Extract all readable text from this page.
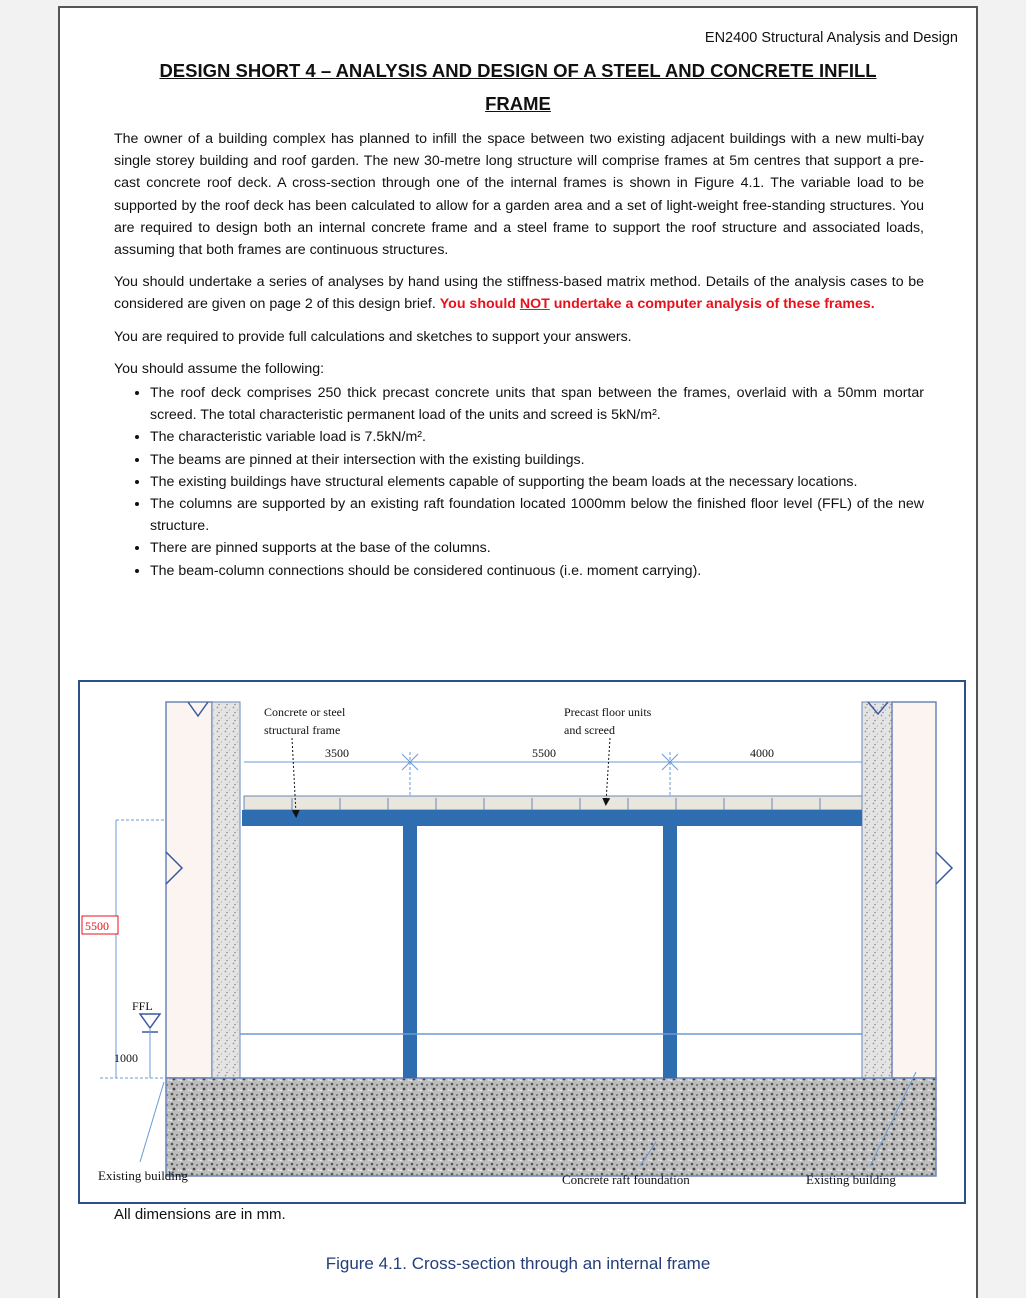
EN2400 Structural Analysis and Design
DESIGN SHORT 4 – ANALYSIS AND DESIGN OF A STEEL AND CONCRETE INFILL
FRAME

The owner of a building complex has planned to infill the space between two existing adjacent buildings with a new multi-bay single storey building and roof garden. The new 30-metre long structure will comprise frames at 5m centres that support a pre-cast concrete roof deck. A cross-section through one of the internal frames is shown in Figure 4.1. The variable load to be supported by the roof deck has been calculated to allow for a garden area and a set of light-weight free-standing structures. You are required to design both an internal concrete frame and a steel frame to support the roof structure and associated loads, assuming that both frames are continuous structures.

You should undertake a series of analyses by hand using the stiffness-based matrix method. Details of the analysis cases to be considered are given on page 2 of this design brief. You should NOT undertake a computer analysis of these frames.

You are required to provide full calculations and sketches to support your answers.

You should assume the following:

• The roof deck comprises 250 thick precast concrete units that span between the frames, overlaid with a 50mm mortar screed. The total characteristic permanent load of the units and screed is 5kN/m².
• The characteristic variable load is 7.5kN/m².
• The beams are pinned at their intersection with the existing buildings.
• The existing buildings have structural elements capable of supporting the beam loads at the necessary locations.
• The columns are supported by an existing raft foundation located 1000mm below the finished floor level (FFL) of the new structure.
• There are pinned supports at the base of the columns.
• The beam-column connections should be considered continuous (i.e. moment carrying).
3500	5500	4000
Concrete or steel
structural frame
Precast floor units
and screed
5500
FFL
1000
Existing building	Concrete raft foundation	Existing building
All dimensions are in mm.
Figure 4.1. Cross-section through an internal frame
